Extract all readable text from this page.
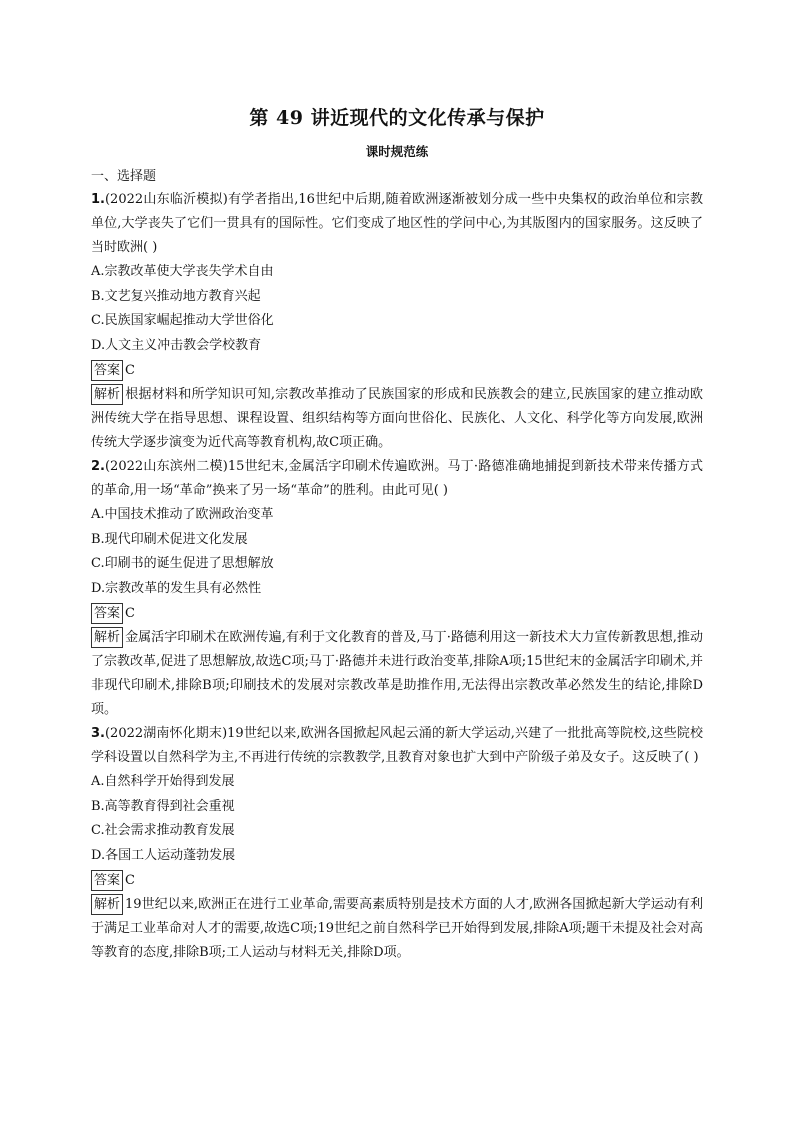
第 49 讲近现代的文化传承与保护
课时规范练
一、选择题

1.(2022山东临沂模拟)有学者指出,16世纪中后期,随着欧洲逐渐被划分成一些中央集权的政治单位和宗教单位,大学丧失了它们一贯具有的国际性。它们变成了地区性的学问中心,为其版图内的国家服务。这反映了当时欧洲( )

A.宗教改革使大学丧失学术自由

B.文艺复兴推动地方教育兴起

C.民族国家崛起推动大学世俗化

D.人文主义冲击教会学校教育

答案 C

解析 根据材料和所学知识可知,宗教改革推动了民族国家的形成和民族教会的建立,民族国家的建立推动欧洲传统大学在指导思想、课程设置、组织结构等方面向世俗化、民族化、人文化、科学化等方向发展,欧洲传统大学逐步演变为近代高等教育机构,故C项正确。

2.(2022山东滨州二模)15世纪末,金属活字印刷术传遍欧洲。马丁·路德准确地捕捉到新技术带来传播方式的革命,用一场“革命”换来了另一场“革命”的胜利。由此可见( )

A.中国技术推动了欧洲政治变革

B.现代印刷术促进文化发展

C.印刷书的诞生促进了思想解放

D.宗教改革的发生具有必然性

答案 C

解析 金属活字印刷术在欧洲传遍,有利于文化教育的普及,马丁·路德利用这一新技术大力宣传新教思想,推动了宗教改革,促进了思想解放,故选C项;马丁·路德并未进行政治变革,排除A项;15世纪末的金属活字印刷术,并非现代印刷术,排除B项;印刷技术的发展对宗教改革是助推作用,无法得出宗教改革必然发生的结论,排除D项。

3.(2022湖南怀化期末)19世纪以来,欧洲各国掀起风起云涌的新大学运动,兴建了一批批高等院校,这些院校学科设置以自然科学为主,不再进行传统的宗教教学,且教育对象也扩大到中产阶级子弟及女子。这反映了( )

A.自然科学开始得到发展

B.高等教育得到社会重视

C.社会需求推动教育发展

D.各国工人运动蓬勃发展

答案 C

解析 19世纪以来,欧洲正在进行工业革命,需要高素质特别是技术方面的人才,欧洲各国掀起新大学运动有利于满足工业革命对人才的需要,故选C项;19世纪之前自然科学已开始得到发展,排除A项;题干未提及社会对高等教育的态度,排除B项;工人运动与材料无关,排除D项。
